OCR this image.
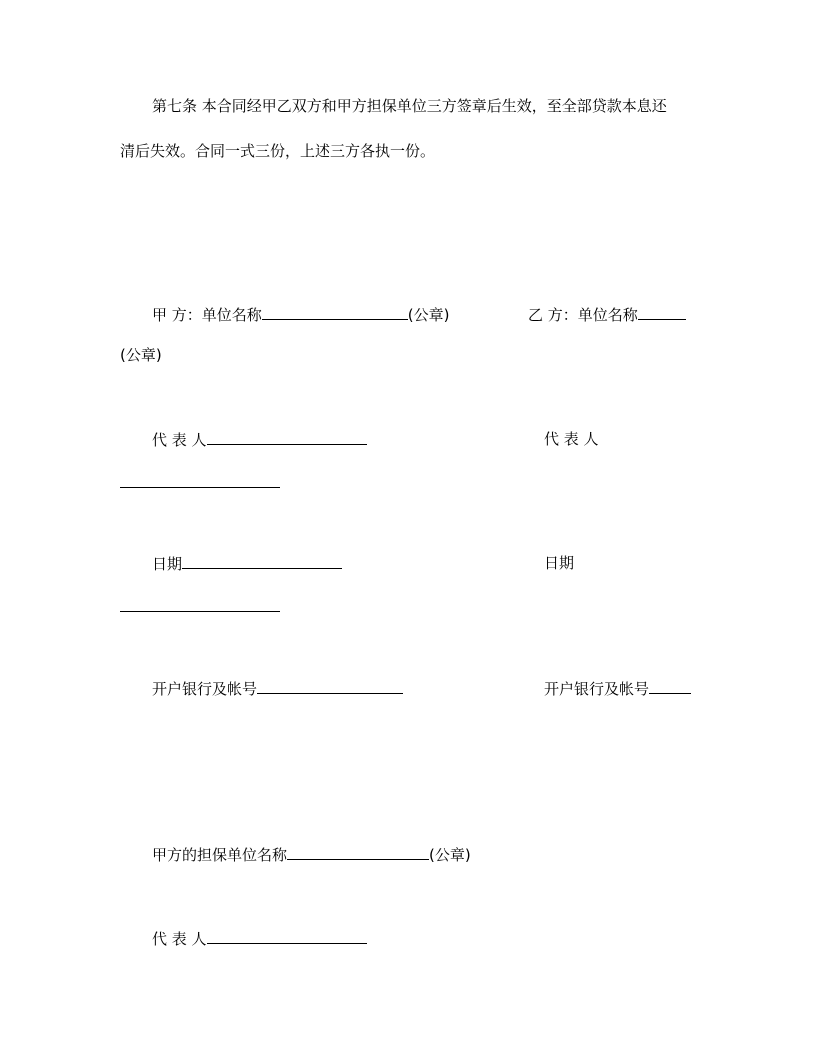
第七条 本合同经甲乙双方和甲方担保单位三方签章后生效，至全部贷款本息还
清后失效。合同一式三份，上述三方各执一份。
甲 方：单位名称	(公章)	乙 方：单位名称
(公章)
代 表 人	代 表 人
日期	日期
开户银行及帐号	开户银行及帐号
甲方的担保单位名称	(公章)
代 表 人
